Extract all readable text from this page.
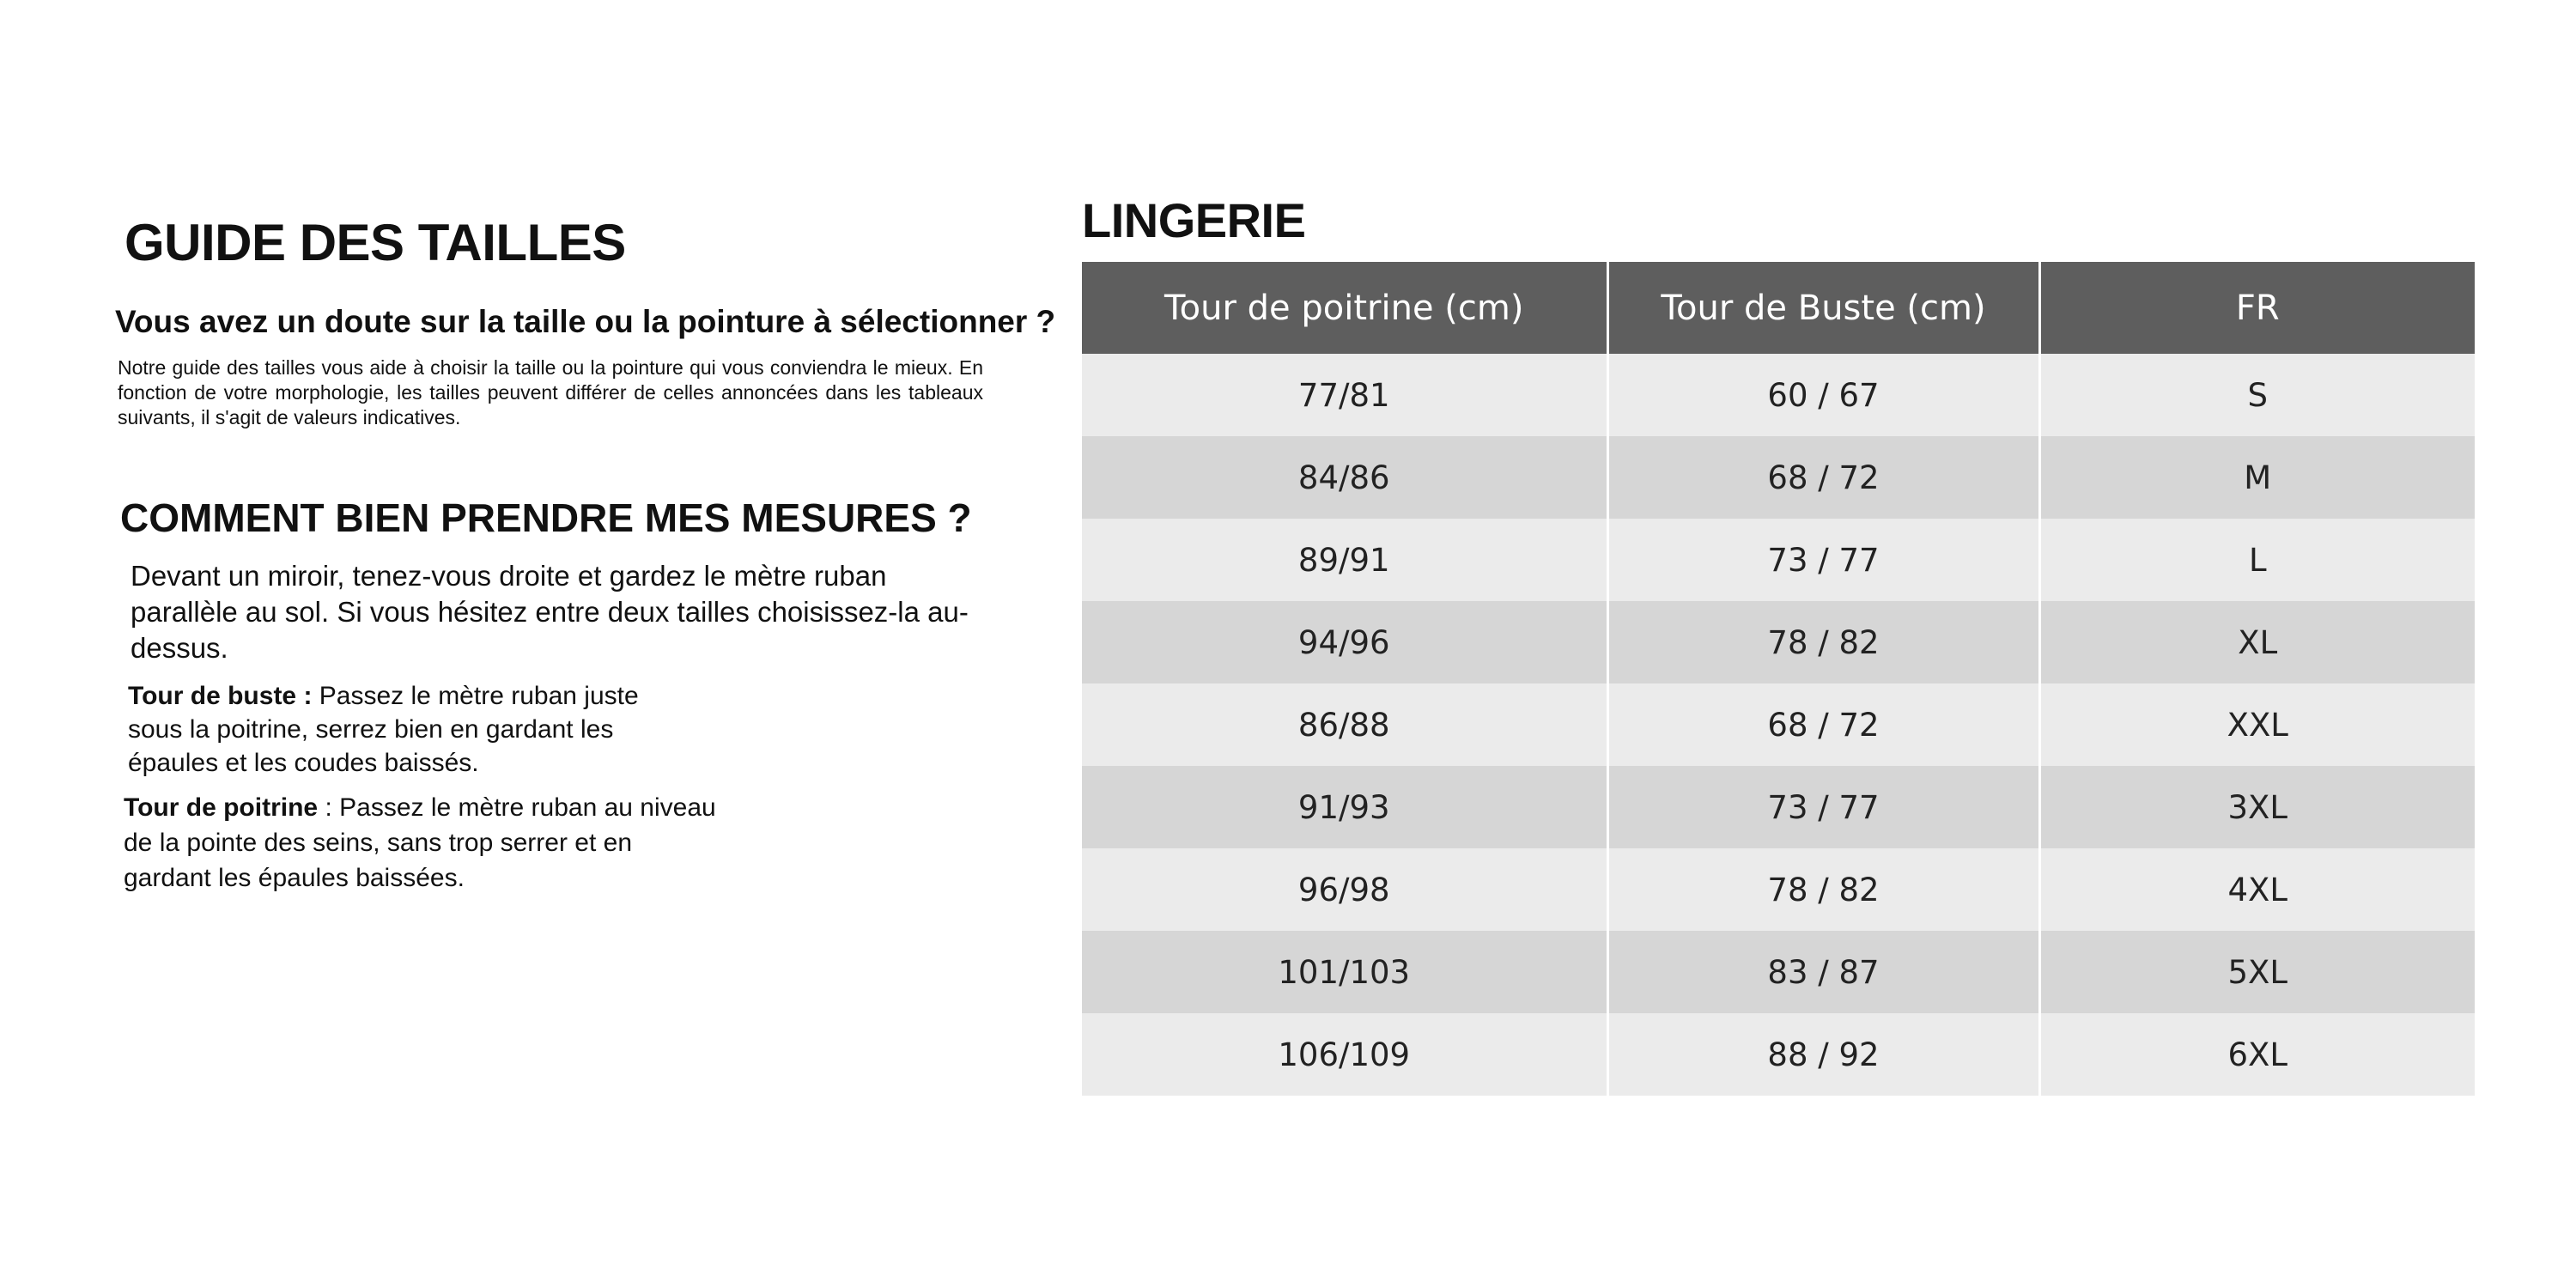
GUIDE DES TAILLES
Vous avez un doute sur la taille ou la pointure à sélectionner ?

Notre guide des tailles vous aide à choisir la taille ou la pointure qui vous conviendra le mieux. En fonction de votre morphologie, les tailles peuvent différer de celles annoncées dans les tableaux suivants, il s'agit de valeurs indicatives.

COMMENT BIEN PRENDRE MES MESURES ?

Devant un miroir, tenez-vous droite et gardez le mètre ruban parallèle au sol. Si vous hésitez entre deux tailles choisissez-la au-dessus.

Tour de buste : Passez le mètre ruban juste sous la poitrine, serrez bien en gardant les épaules et les coudes baissés.

Tour de poitrine : Passez le mètre ruban au niveau de la pointe des seins, sans trop serrer et en gardant les épaules baissées.

LINGERIE
Tour de poitrine (cm)	Tour de Buste (cm)	FR
77/81	60 / 67	S
84/86	68 / 72	M
89/91	73 / 77	L
94/96	78 / 82	XL
86/88	68 / 72	XXL
91/93	73 / 77	3XL
96/98	78 / 82	4XL
101/103	83 / 87	5XL
106/109	88 / 92	6XL
